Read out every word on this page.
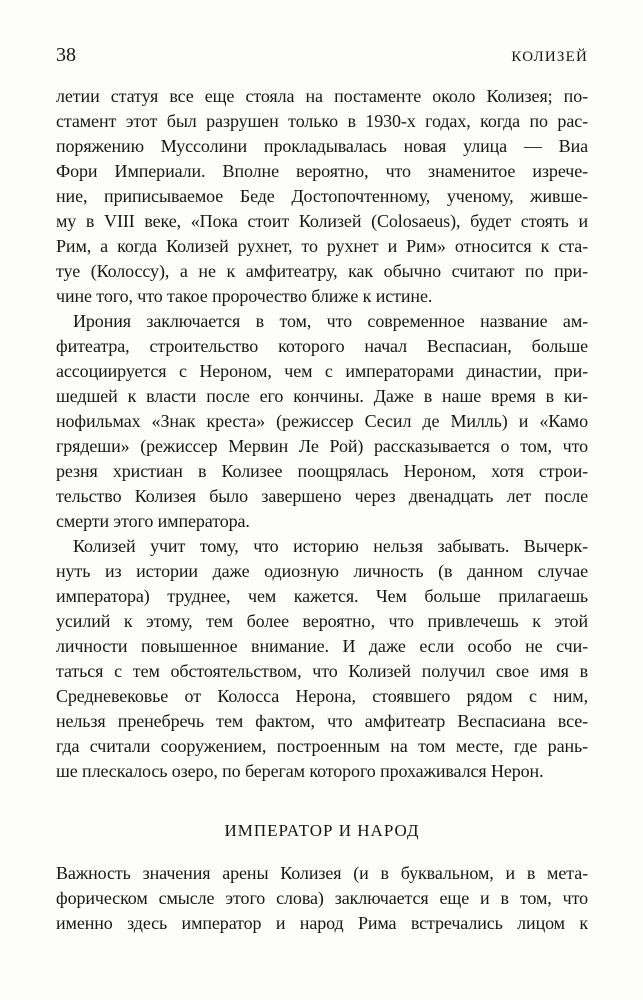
38	КОЛИЗЕЙ
летии статуя все еще стояла на постаменте около Колизея; по-
стамент этот был разрушен только в 1930-х годах, когда по рас-
поряжению Муссолини прокладывалась новая улица — Виа
Фори Империали. Вполне вероятно, что знаменитое изрече-
ние, приписываемое Беде Достопочтенному, ученому, живше-
му в VIII веке, «Пока стоит Колизей (Colosaeus), будет стоять и
Рим, а когда Колизей рухнет, то рухнет и Рим» относится к ста-
туе (Колоссу), а не к амфитеатру, как обычно считают по при-
чине того, что такое пророчество ближе к истине.
Ирония заключается в том, что современное название ам-
фитеатра, строительство которого начал Веспасиан, больше
ассоциируется с Нероном, чем с императорами династии, при-
шедшей к власти после его кончины. Даже в наше время в ки-
нофильмах «Знак креста» (режиссер Сесил де Милль) и «Камо
грядеши» (режиссер Мервин Ле Рой) рассказывается о том, что
резня христиан в Колизее поощрялась Нероном, хотя строи-
тельство Колизея было завершено через двенадцать лет после
смерти этого императора.
Колизей учит тому, что историю нельзя забывать. Вычерк-
нуть из истории даже одиозную личность (в данном случае
императора) труднее, чем кажется. Чем больше прилагаешь
усилий к этому, тем более вероятно, что привлечешь к этой
личности повышенное внимание. И даже если особо не счи-
таться с тем обстоятельством, что Колизей получил свое имя в
Средневековье от Колосса Нерона, стоявшего рядом с ним,
нельзя пренебречь тем фактом, что амфитеатр Веспасиана все-
гда считали сооружением, построенным на том месте, где рань-
ше плескалось озеро, по берегам которого прохаживался Нерон.
ИМПЕРАТОР И НАРОД
Важность значения арены Колизея (и в буквальном, и в мета-
форическом смысле этого слова) заключается еще и в том, что
именно здесь император и народ Рима встречались лицом к
